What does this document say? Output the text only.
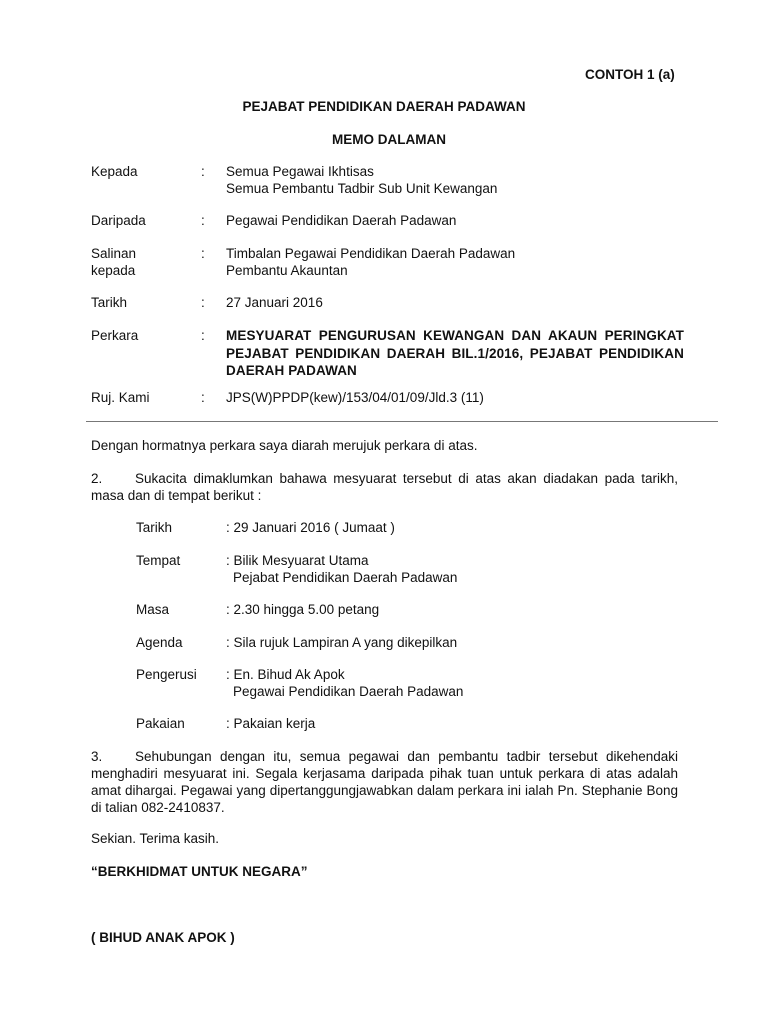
CONTOH 1 (a)
PEJABAT PENDIDIKAN DAERAH PADAWAN
MEMO DALAMAN
Kepada	: Semua Pegawai Ikhtisas
Semua Pembantu Tadbir Sub Unit Kewangan
Daripada	: Pegawai Pendidikan Daerah Padawan
Salinan
kepada
: Timbalan Pegawai Pendidikan Daerah Padawan
Pembantu Akauntan
Tarikh	: 27 Januari 2016
Perkara	: MESYUARAT PENGURUSAN KEWANGAN DAN AKAUN PERINGKAT PEJABAT PENDIDIKAN DAERAH BIL.1/2016, PEJABAT PENDIDIKAN DAERAH PADAWAN
Ruj. Kami	: JPS(W)PPDP(kew)/153/04/01/09/Jld.3 (11)
Dengan hormatnya perkara saya diarah merujuk perkara di atas.
2. Sukacita dimaklumkan bahawa mesyuarat tersebut di atas akan diadakan pada tarikh, masa dan di tempat berikut :
Tarikh	: 29 Januari 2016 ( Jumaat )
Tempat	: Bilik Mesyuarat Utama
Pejabat Pendidikan Daerah Padawan
Masa	: 2.30 hingga 5.00 petang
Agenda	: Sila rujuk Lampiran A yang dikepilkan
Pengerusi	: En. Bihud Ak Apok
Pegawai Pendidikan Daerah Padawan
Pakaian	: Pakaian kerja
3. Sehubungan dengan itu, semua pegawai dan pembantu tadbir tersebut dikehendaki menghadiri mesyuarat ini. Segala kerjasama daripada pihak tuan untuk perkara di atas adalah amat dihargai. Pegawai yang dipertanggungjawabkan dalam perkara ini ialah Pn. Stephanie Bong di talian 082-2410837.
Sekian. Terima kasih.
“BERKHIDMAT UNTUK NEGARA”
( BIHUD ANAK APOK )
